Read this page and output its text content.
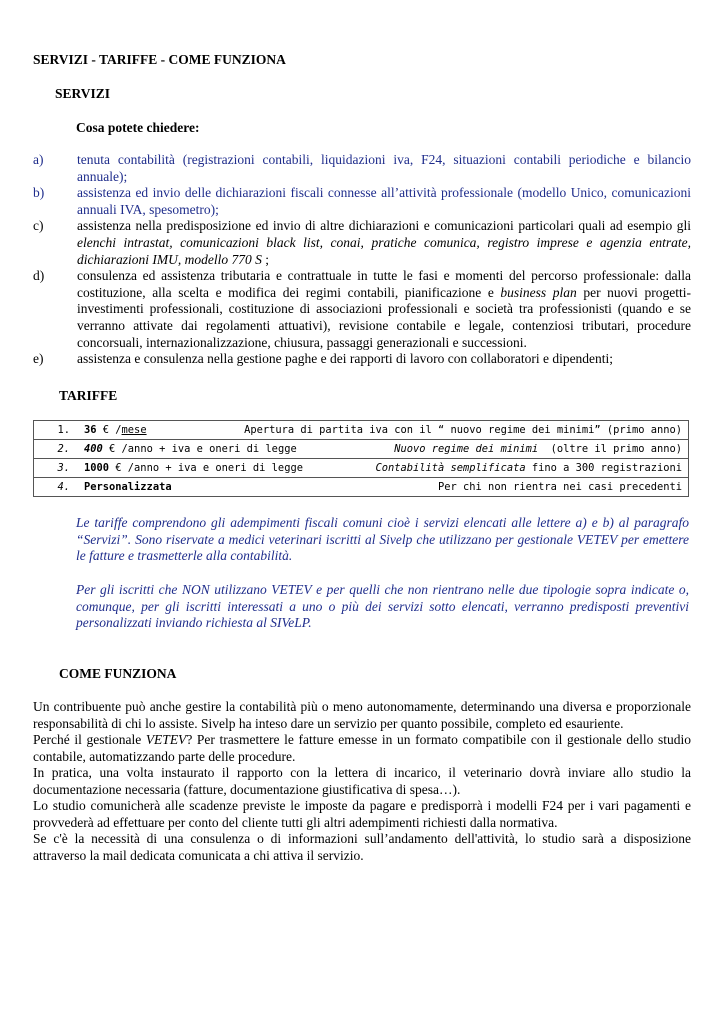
SERVIZI - TARIFFE - COME FUNZIONA
SERVIZI
Cosa potete chiedere:
a)	tenuta contabilità (registrazioni contabili, liquidazioni iva, F24, situazioni contabili periodiche e bilancio annuale);
b)	assistenza ed invio delle dichiarazioni fiscali connesse all’attività professionale (modello Unico, comunicazioni annuali IVA, spesometro);
c)	assistenza nella predisposizione ed invio di altre dichiarazioni e comunicazioni particolari quali ad esempio gli elenchi intrastat, comunicazioni black list, conai, pratiche comunica, registro imprese e agenzia entrate, dichiarazioni IMU, modello 770 S ;
d)	consulenza ed assistenza tributaria e contrattuale in tutte le fasi e momenti del percorso professionale: dalla costituzione, alla scelta e modifica dei regimi contabili, pianificazione e business plan per nuovi progetti-investimenti professionali, costituzione di associazioni professionali e società tra professionisti (quando e se verranno attivate dai regolamenti attuativi), revisione contabile e legale, contenziosi tributari, procedure concorsuali, internazionalizzazione, chiusura, passaggi generazionali e successioni.
e)	assistenza e consulenza nella gestione paghe e dei rapporti di lavoro con collaboratori e dipendenti;
TARIFFE
1. 36 € /mese	Apertura di partita iva con il “ nuovo regime dei minimi” (primo anno)

2. 400 € /anno + iva e oneri di legge	Nuovo regime dei minimi  (oltre il primo anno)

3. 1000 € /anno + iva e oneri di legge	Contabilità semplificata fino a 300 registrazioni

4. Personalizzata	Per chi non rientra nei casi precedenti

Le tariffe comprendono gli adempimenti fiscali comuni cioè i servizi elencati alle lettere a) e b) al paragrafo “Servizi”. Sono riservate a medici veterinari iscritti al Sivelp che utilizzano per gestionale VETEV per emettere le fatture e trasmetterle alla contabilità.

Per gli iscritti che NON utilizzano VETEV e per quelli che non rientrano nelle due tipologie sopra indicate o, comunque, per gli iscritti interessati a uno o più dei servizi sotto elencati, verranno predisposti preventivi personalizzati inviando richiesta al SIVeLP.

COME FUNZIONA

Un contribuente può anche gestire la contabilità più o meno autonomamente, determinando una diversa e proporzionale responsabilità di chi lo assiste. Sivelp ha inteso dare un servizio per quanto possibile, completo ed esauriente.

Perché il gestionale VETEV? Per trasmettere le fatture emesse in un formato compatibile con il gestionale dello studio contabile, automatizzando parte delle procedure.

In pratica, una volta instaurato il rapporto con la lettera di incarico, il veterinario dovrà inviare allo studio la documentazione necessaria (fatture, documentazione giustificativa di spesa…).

Lo studio comunicherà alle scadenze previste le imposte da pagare e predisporrà i modelli F24 per i vari pagamenti e provvederà ad effettuare per conto del cliente tutti gli altri adempimenti richiesti dalla normativa.

Se c'è la necessità di una consulenza o di informazioni sull’andamento dell'attività, lo studio sarà a disposizione attraverso la mail dedicata comunicata a chi attiva il servizio.
